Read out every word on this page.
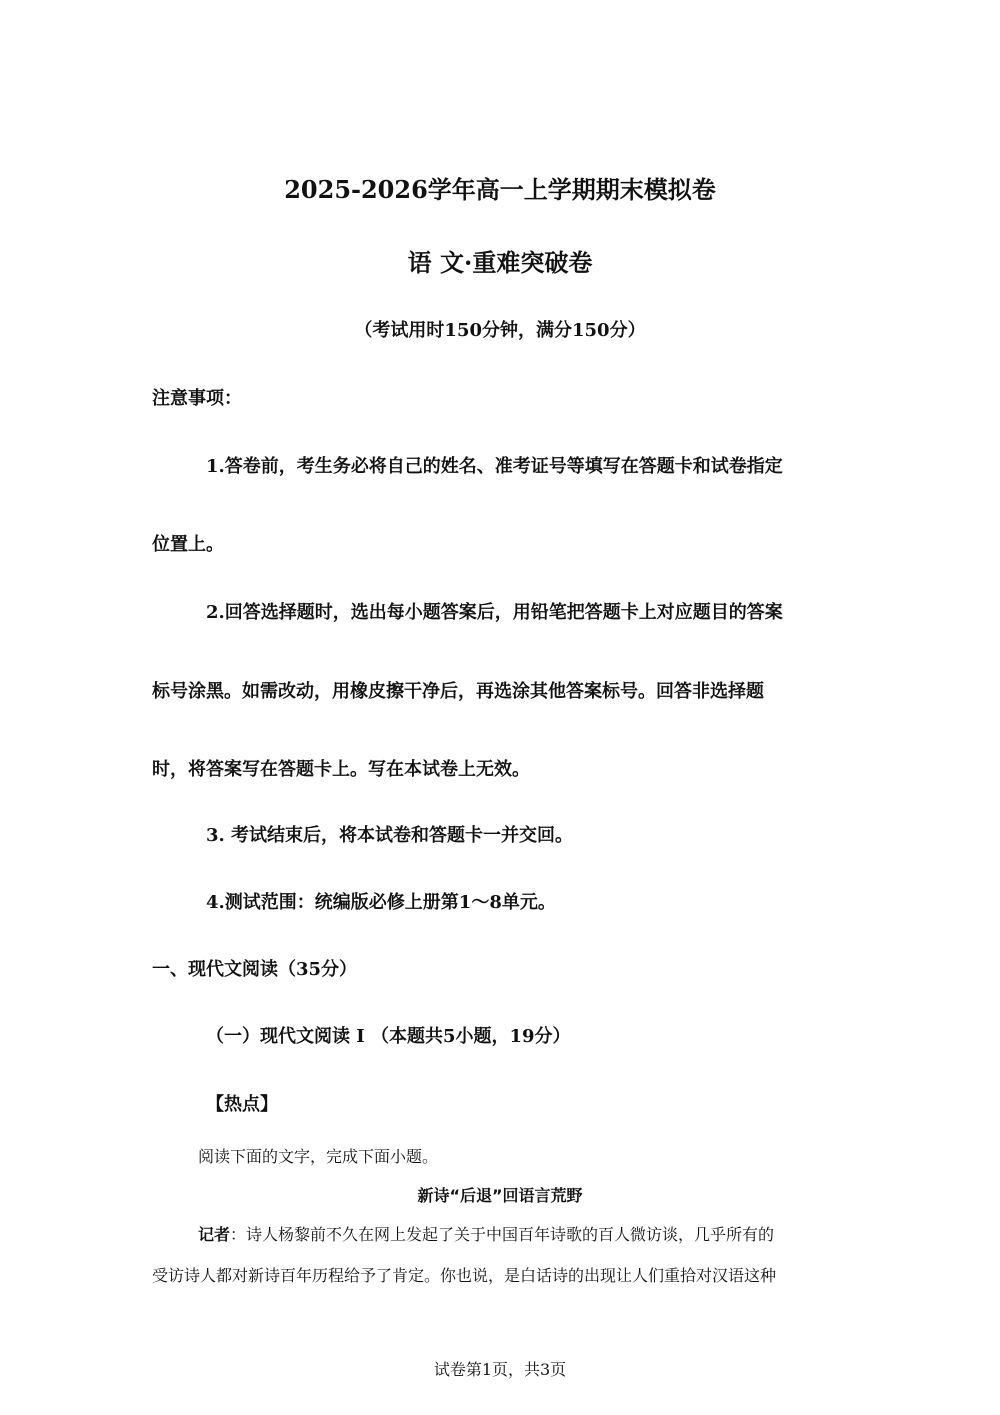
2025-2026学年高一上学期期末模拟卷
语 文·重难突破卷
（考试用时150分钟，满分150分）
注意事项：
1.答卷前，考生务必将自己的姓名、准考证号等填写在答题卡和试卷指定
位置上。
2.回答选择题时，选出每小题答案后，用铅笔把答题卡上对应题目的答案
标号涂黑。如需改动，用橡皮擦干净后，再选涂其他答案标号。回答非选择题
时，将答案写在答题卡上。写在本试卷上无效。
3. 考试结束后，将本试卷和答题卡一并交回。
4.测试范围：统编版必修上册第1～8单元。
一、现代文阅读（35分）
（一）现代文阅读 I （本题共5小题，19分）
【热点】
阅读下面的文字，完成下面小题。
新诗“后退”回语言荒野
记者：诗人杨黎前不久在网上发起了关于中国百年诗歌的百人微访谈，几乎所有的
受访诗人都对新诗百年历程给予了肯定。你也说，是白话诗的出现让人们重拾对汉语这种
试卷第1页，共3页
